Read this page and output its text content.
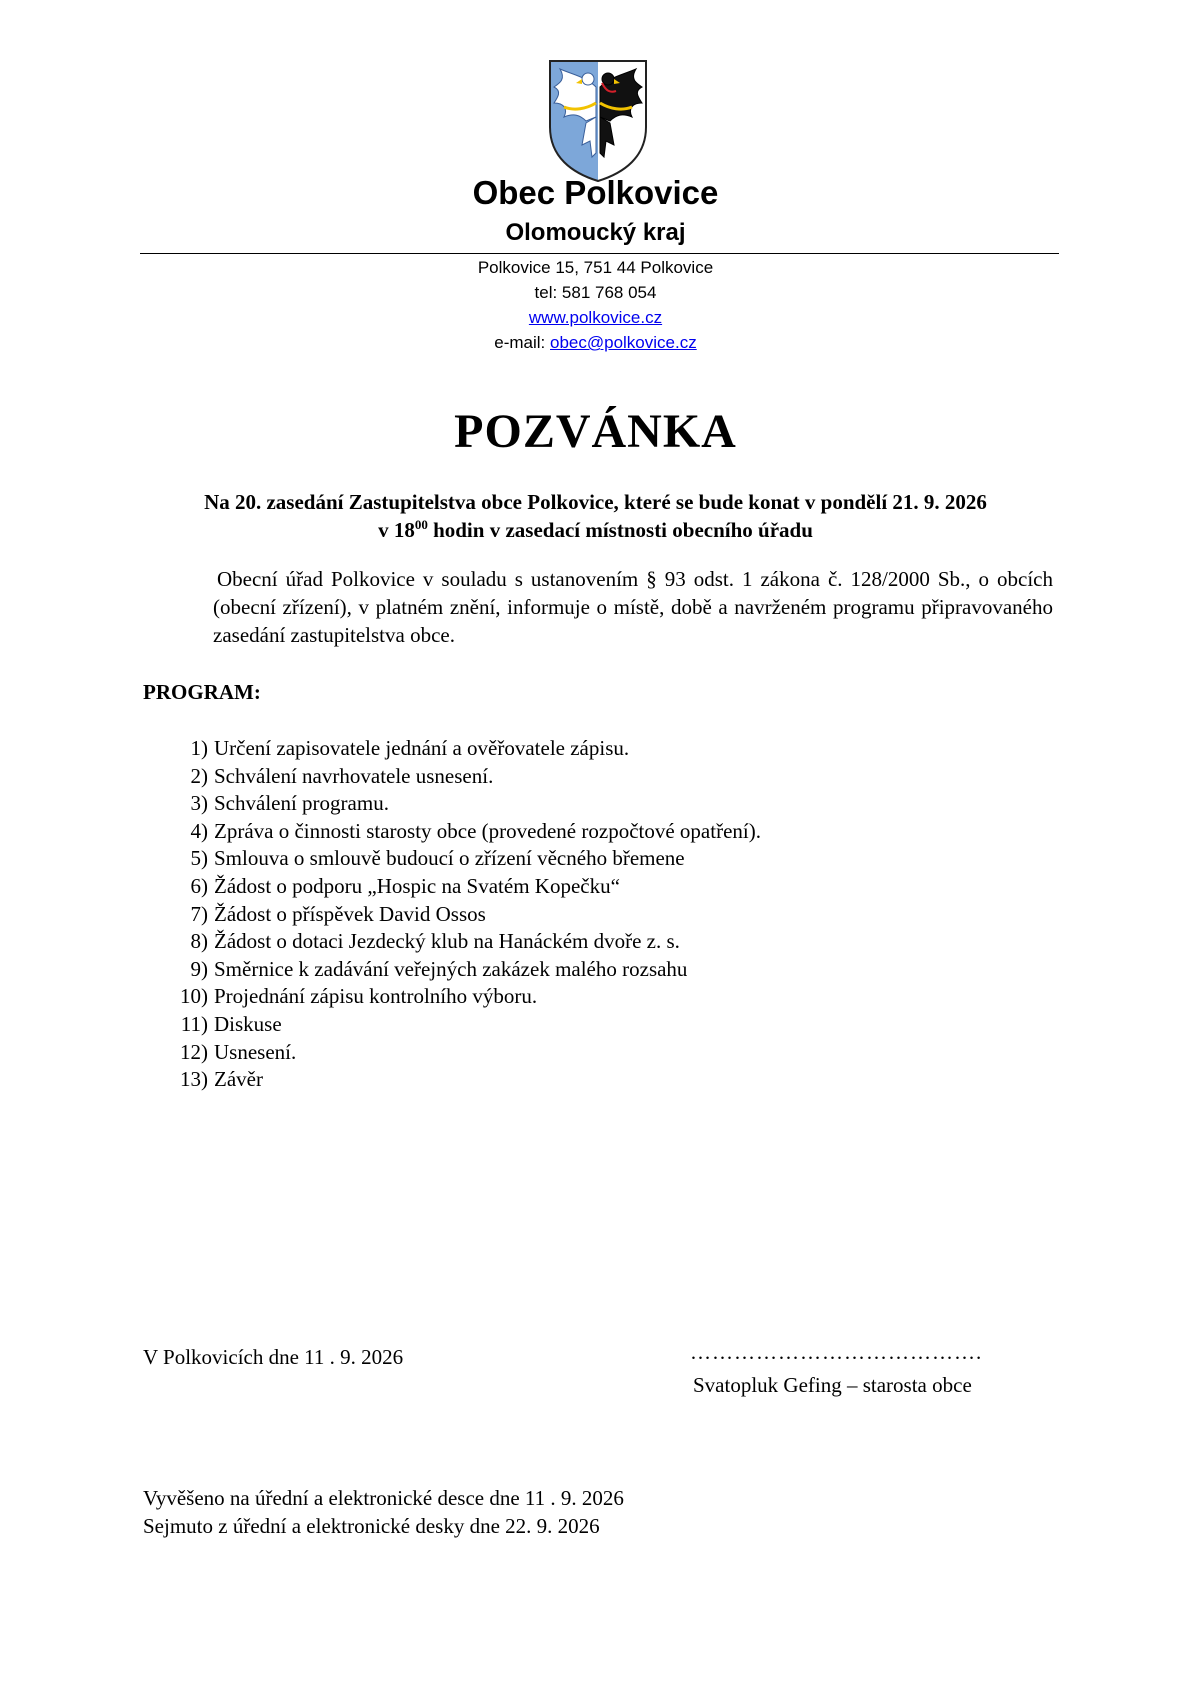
Obec Polkovice
Olomoucký kraj
Polkovice 15, 751 44 Polkovice
tel: 581 768 054
www.polkovice.cz
e-mail: obec@polkovice.cz
POZVÁNKA
Na 20. zasedání Zastupitelstva obce Polkovice, které se bude konat v pondělí 21. 9. 2026
v $18^{00}$ hodin v zasedací místnosti obecního úřadu
Obecní úřad Polkovice v souladu s ustanovením § 93 odst. 1 zákona č. 128/2000 Sb., o obcích (obecní zřízení), v platném znění, informuje o místě, době a navrženém programu připravovaného zasedání zastupitelstva obce.
PROGRAM:
1) Určení zapisovatele jednání a ověřovatele zápisu.
2) Schválení navrhovatele usnesení.
3) Schválení programu.
4) Zpráva o činnosti starosty obce (provedené rozpočtové opatření).
5) Smlouva o smlouvě budoucí o zřízení věcného břemene
6) Žádost o podporu „Hospic na Svatém Kopečku“
7) Žádost o příspěvek David Ossos
8) Žádost o dotaci Jezdecký klub na Hanáckém dvoře z. s.
9) Směrnice k zadávání veřejných zakázek malého rozsahu
10) Projednání zápisu kontrolního výboru.
11) Diskuse
12) Usnesení.
13) Závěr
V Polkovicích dne 11 . 9. 2026	………………………………….
Svatopluk Gefing – starosta obce
Vyvěšeno na úřední a elektronické desce dne 11 . 9. 2026
Sejmuto z úřední a elektronické desky dne 22. 9. 2026
